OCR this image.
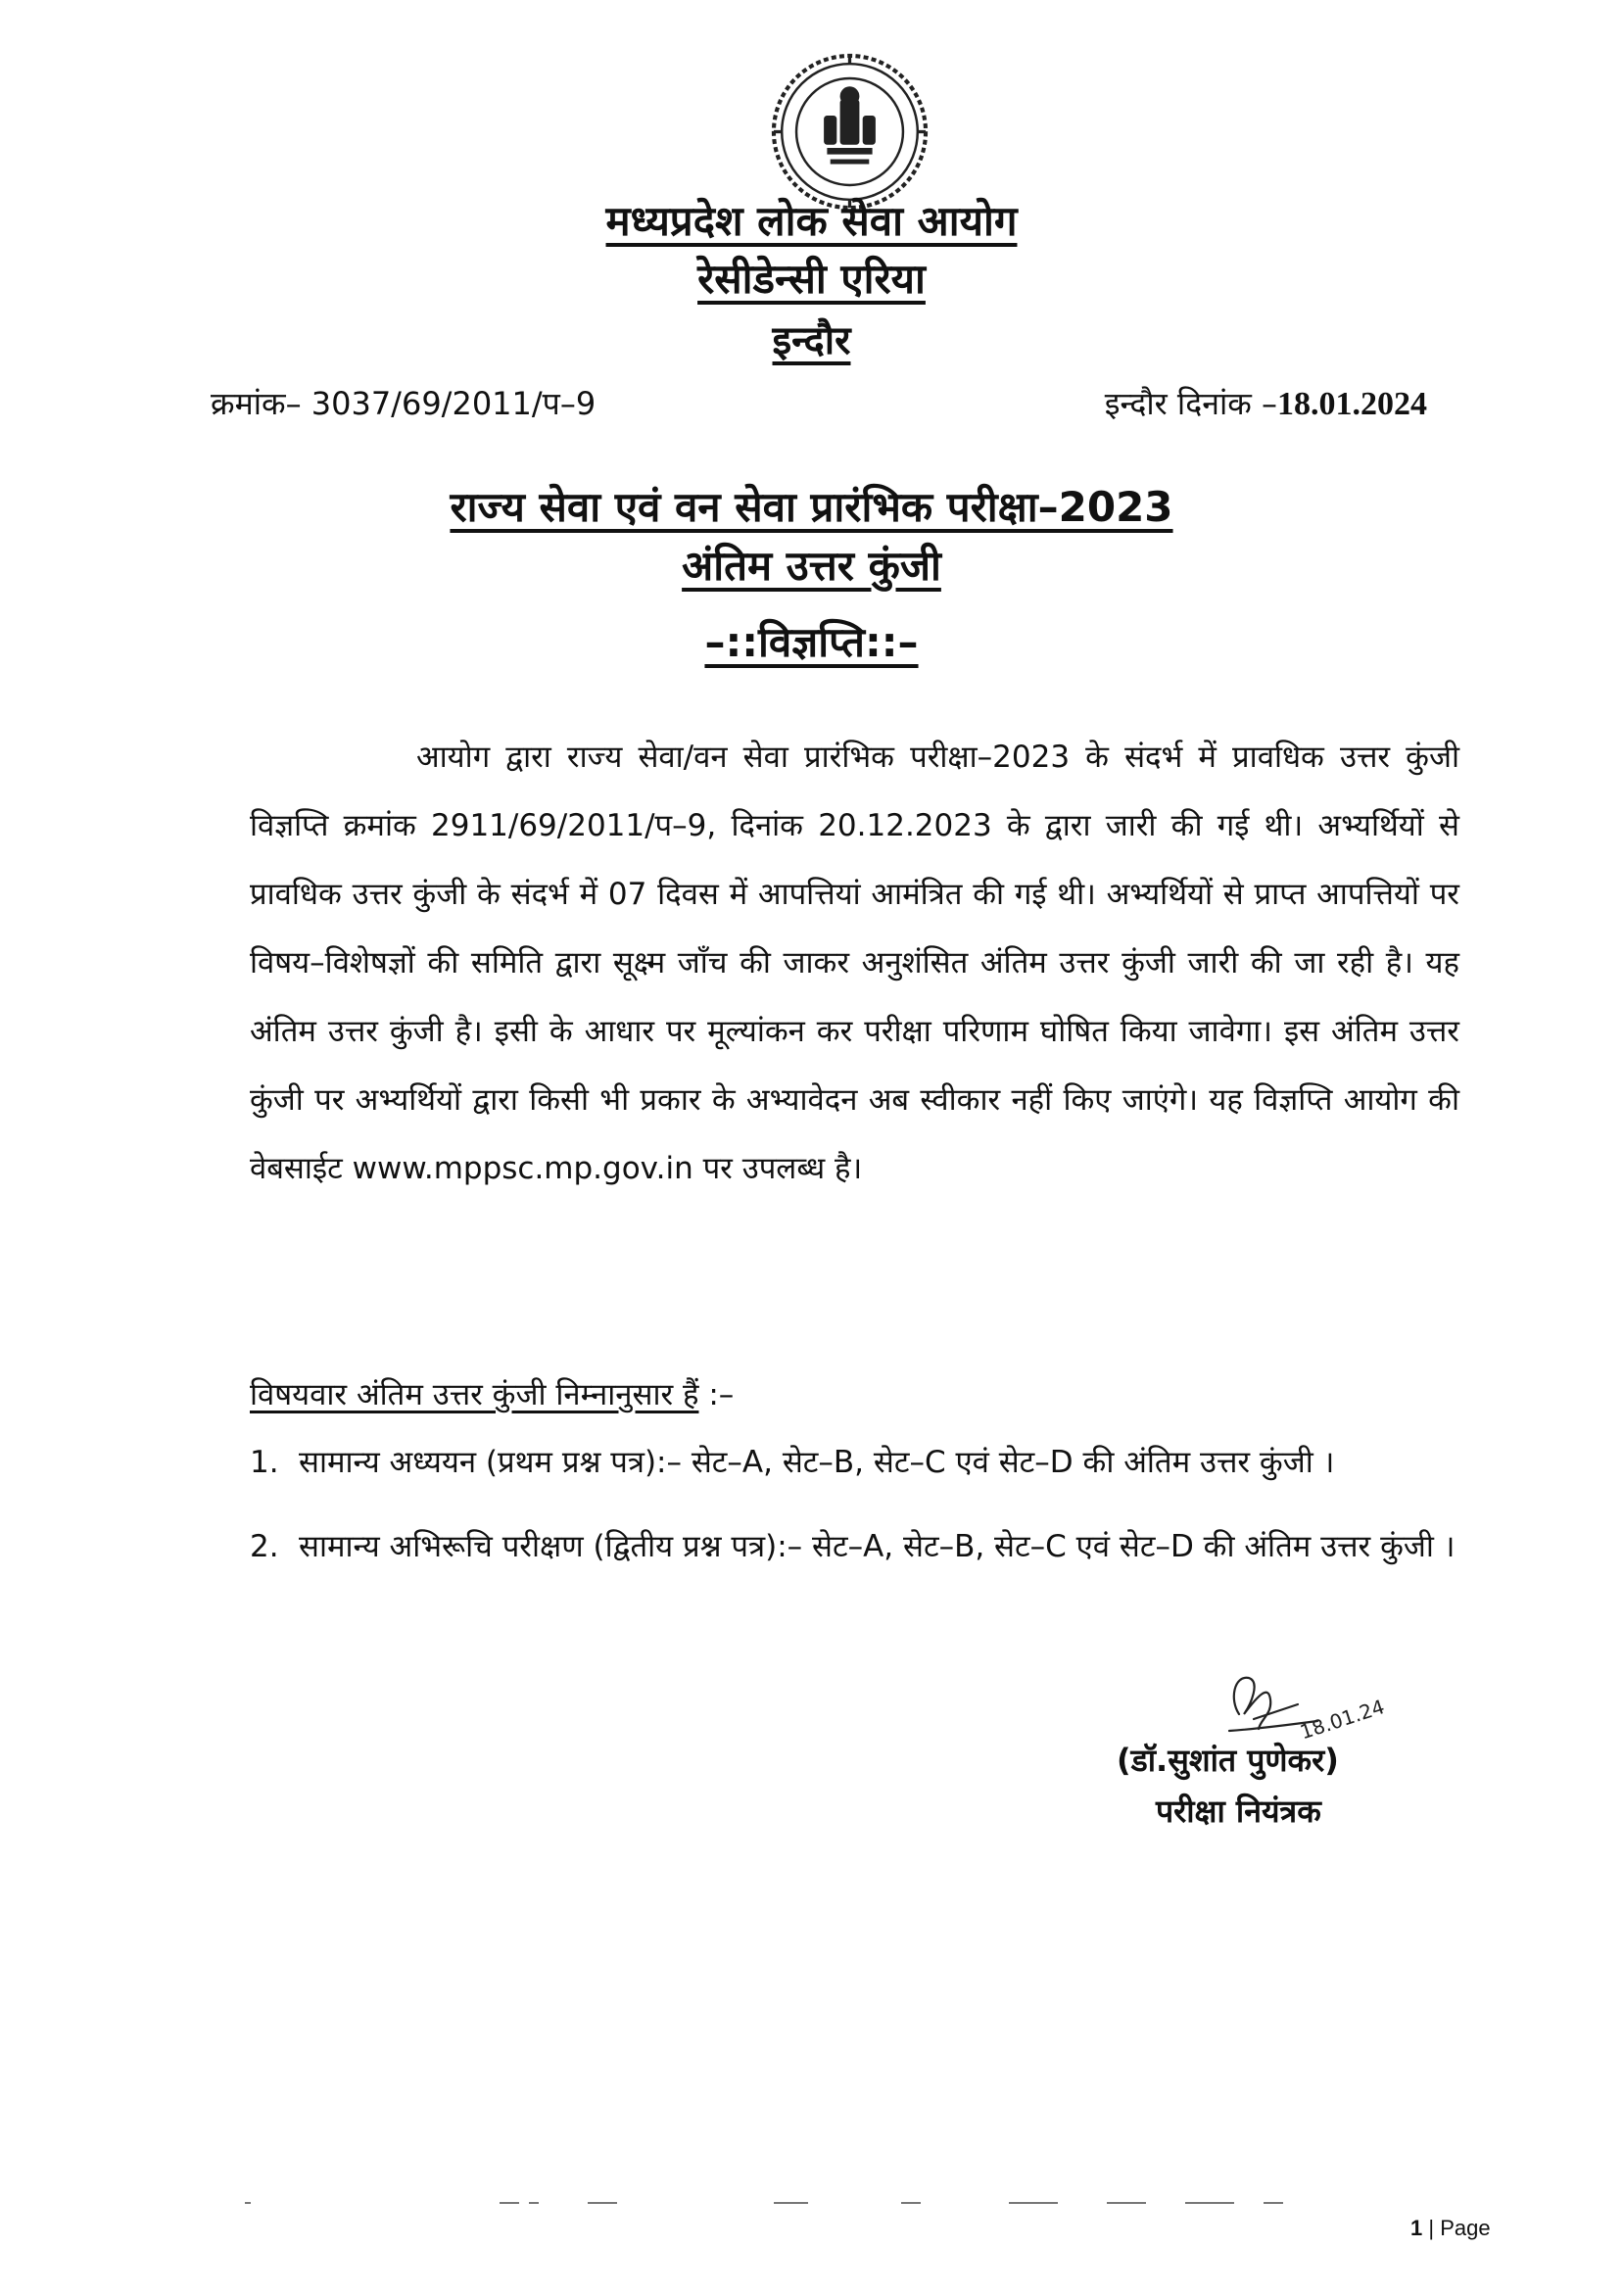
मध्यप्रदेश लोक सेवा आयोग
रेसीडेन्सी एरिया
इन्दौर
क्रमांक– 3037/69/2011/प–9	इन्दौर दिनांक –18.01.2024
राज्य सेवा एवं वन सेवा प्रारंभिक परीक्षा–2023
अंतिम उत्तर कुंजी
–::विज्ञप्ति::–

आयोग द्वारा राज्य सेवा/वन सेवा प्रारंभिक परीक्षा–2023 के संदर्भ में प्रावधिक उत्तर कुंजी विज्ञप्ति क्रमांक 2911/69/2011/प–9, दिनांक 20.12.2023 के द्वारा जारी की गई थी। अभ्यर्थियों से प्रावधिक उत्तर कुंजी के संदर्भ में 07 दिवस में आपत्तियां आमंत्रित की गई थी। अभ्यर्थियों से प्राप्त आपत्तियों पर विषय–विशेषज्ञों की समिति द्वारा सूक्ष्म जाँच की जाकर अनुशंसित अंतिम उत्तर कुंजी जारी की जा रही है। यह अंतिम उत्तर कुंजी है। इसी के आधार पर मूल्यांकन कर परीक्षा परिणाम घोषित किया जावेगा। इस अंतिम उत्तर कुंजी पर अभ्यर्थियों द्वारा किसी भी प्रकार के अभ्यावेदन अब स्वीकार नहीं किए जाएंगे। यह विज्ञप्ति आयोग की वेबसाईट www.mppsc.mp.gov.in पर उपलब्ध है।

विषयवार अंतिम उत्तर कुंजी निम्नानुसार हैं :–
1. सामान्य अध्ययन (प्रथम प्रश्न पत्र):– सेट–A, सेट–B, सेट–C एवं सेट–D की अंतिम उत्तर कुंजी ।
2. सामान्य अभिरूचि परीक्षण (द्वितीय प्रश्न पत्र):– सेट–A, सेट–B, सेट–C एवं सेट–D की अंतिम उत्तर कुंजी ।
18.01.24
(डॉ.सुशांत पुणेकर)
परीक्षा नियंत्रक
1 | Page
